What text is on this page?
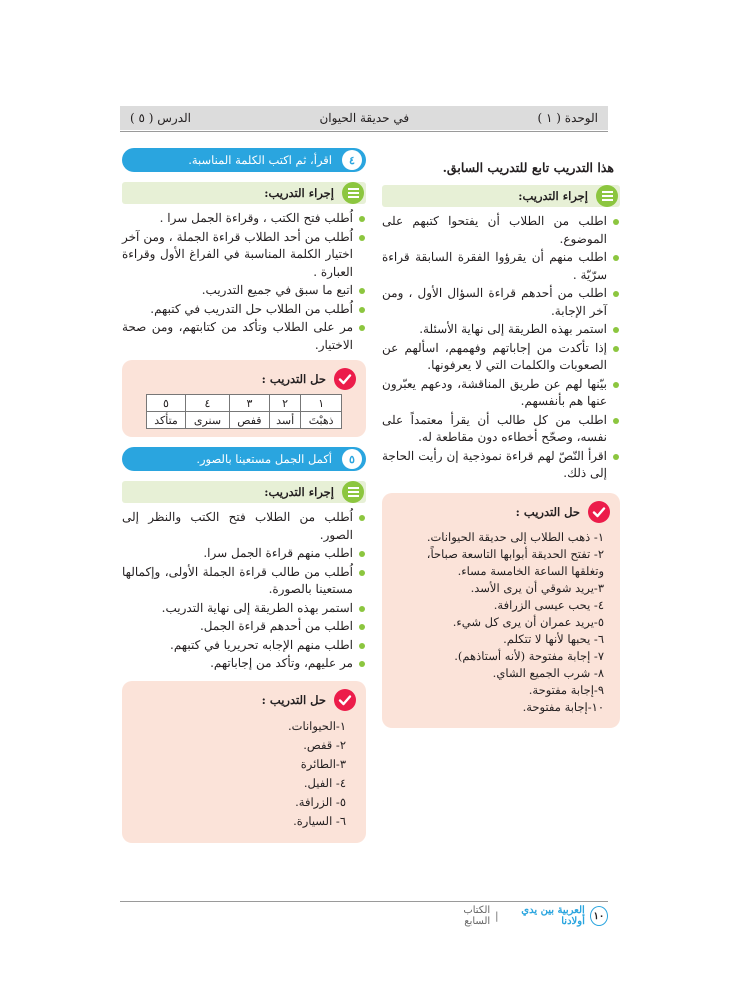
الوحدة ( ١ )
في حديقة الحيوان
الدرس ( ٥ )
هذا التدريب تابع للتدريب السابق.
إجراء التدريب:
اطلب من الطلاب أن يفتحوا كتبهم على الموضوع.
اطلب منهم أن يقرؤوا الفقرة السابقة قراءة سرّيّة .
اطلب من أحدهم قراءة السؤال الأول ، ومن آخر الإجابة.
استمر بهذه الطريقة إلى نهاية الأسئلة.
إذا تأكدت من إجاباتهم وفهمهم، اسألهم عن الصعوبات والكلمات التي لا يعرفونها.
بيّنها لهم عن طريق المناقشة، ودعهم يعبّرون عنها هم بأنفسهم.
اطلب من كل طالب أن يقرأ معتمداً على نفسه، وصحّح أخطاءه دون مقاطعة له.
اقرأ النّصّ لهم قراءة نموذجية إن رأيت الحاجة إلى ذلك.
حل التدريب :
١- ذهب الطلاب إلى حديقة الحيوانات.
٢- تفتح الحديقة أبوابها التاسعة صباحاً، وتغلقها الساعة الخامسة مساء.
٣-يريد شوقي أن يرى الأسد.
٤- يحب عيسى الزرافة.
٥-يريد عمران أن يرى كل شيء.
٦- يحبها لأنها لا تتكلم.
٧- إجابة مفتوحة (لأنه أستاذهم).
٨- شرب الجميع الشاي.
٩-إجابة مفتوحة.
١٠-إجابة مفتوحة.
٤
اقرأ، ثم اكتب الكلمة المناسبة.
إجراء التدريب:
اُطلب فتح الكتب ، وقراءة الجمل سرا .
اُطلب من أحد الطلاب قراءة الجملة ، ومن آخر اختيار الكلمة المناسبة في الفراغ الأول وقراءة العبارة .
اتبع ما سبق في جميع التدريب.
اُطلب من الطلاب حل التدريب في كتبهم.
مر على الطلاب وتأكد من كتابتهم، ومن صحة الاختيار.
حل التدريب :
١	٢	٣	٤	٥
ذهبْتَ	أسد	قفص	سنرى	متأكد
٥
أكمل الجمل مستعينا بالصور.
إجراء التدريب:
اُطلب من الطلاب فتح الكتب والنظر إلى الصور.
اطلب منهم قراءة الجمل سرا.
اُطلب من طالب قراءة الجملة الأولى، وإكمالها مستعينا بالصورة.
استمر بهذه الطريقة إلى نهاية التدريب.
اطلب من أحدهم قراءة الجمل.
اطلب منهم الإجابه تحريريا في كتبهم.
مر عليهم، وتأكد من إجاباتهم.
حل التدريب :
١-الحيوانات.
٢- قفص.
٣-الطائرة
٤- الفيل.
٥- الزرافة.
٦- السيارة.
١٠
العربية بين يدي أولادنا
|
الكتاب السابع
